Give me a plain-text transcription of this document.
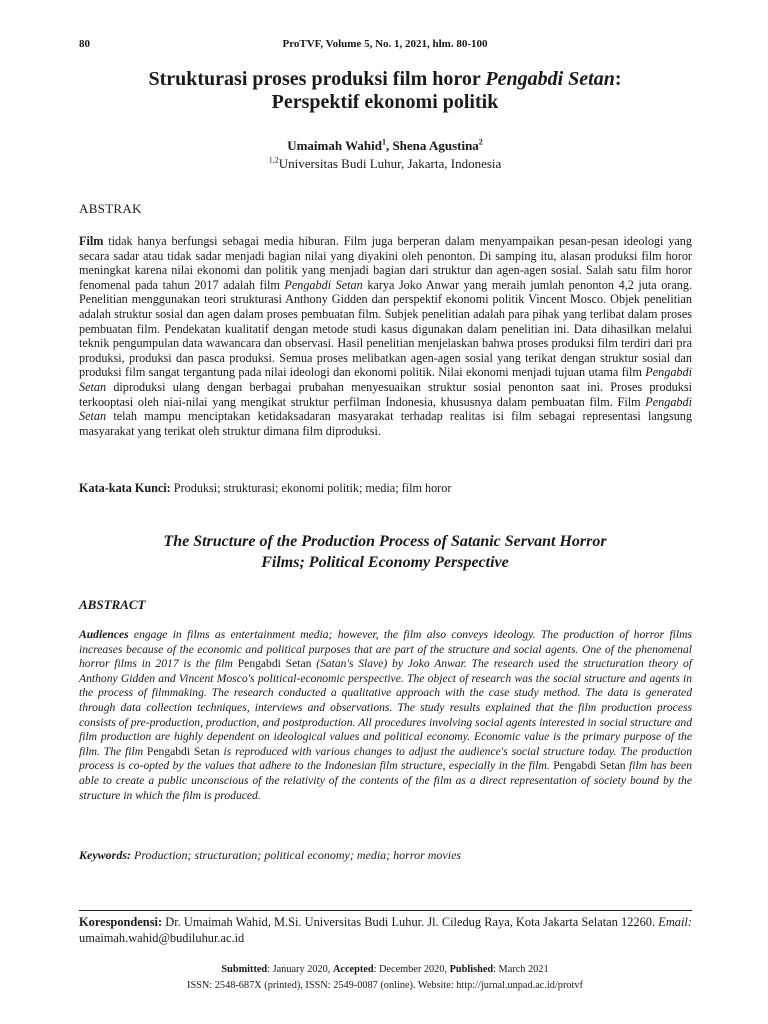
80	ProTVF, Volume 5, No. 1, 2021, hlm. 80-100
Strukturasi proses produksi film horor Pengabdi Setan:
Perspektif ekonomi politik
Umaimah Wahid$^1$, Shena Agustina$^2$
$^{1,2}$Universitas Budi Luhur, Jakarta, Indonesia
ABSTRAK

Film tidak hanya berfungsi sebagai media hiburan. Film juga berperan dalam menyampaikan pesan-pesan ideologi yang secara sadar atau tidak sadar menjadi bagian nilai yang diyakini oleh penonton. Di samping itu, alasan produksi film horor meningkat karena nilai ekonomi dan politik yang menjadi bagian dari struktur dan agen-agen sosial. Salah satu film horor fenomenal pada tahun 2017 adalah film Pengabdi Setan karya Joko Anwar yang meraih jumlah penonton 4,2 juta orang. Penelitian menggunakan teori strukturasi Anthony Gidden dan perspektif ekonomi politik Vincent Mosco. Objek penelitian adalah struktur sosial dan agen dalam proses pembuatan film. Subjek penelitian adalah para pihak yang terlibat dalam proses pembuatan film. Pendekatan kualitatif dengan metode studi kasus digunakan dalam penelitian ini. Data dihasilkan melalui teknik pengumpulan data wawancara dan observasi. Hasil penelitian menjelaskan bahwa proses produksi film terdiri dari pra produksi, produksi dan pasca produksi. Semua proses melibatkan agen-agen sosial yang terikat dengan struktur sosial dan produksi film sangat tergantung pada nilai ideologi dan ekonomi politik. Nilai ekonomi menjadi tujuan utama film Pengabdi Setan diproduksi ulang dengan berbagai prubahan menyesuaikan struktur sosial penonton saat ini. Proses produksi terkooptasi oleh niai-nilai yang mengikat struktur perfilman Indonesia, khususnya dalam pembuatan film. Film Pengabdi Setan telah mampu menciptakan ketidaksadaran masyarakat terhadap realitas isi film sebagai representasi langsung masyarakat yang terikat oleh struktur dimana film diproduksi.

Kata-kata Kunci: Produksi; strukturasi; ekonomi politik; media; film horor
The Structure of the Production Process of Satanic Servant Horror
Films; Political Economy Perspective
ABSTRACT

Audiences engage in films as entertainment media; however, the film also conveys ideology. The production of horror films increases because of the economic and political purposes that are part of the structure and social agents. One of the phenomenal horror films in 2017 is the film Pengabdi Setan (Satan's Slave) by Joko Anwar. The research used the structuration theory of Anthony Gidden and Vincent Mosco's political-economic perspective. The object of research was the social structure and agents in the process of filmmaking. The research conducted a qualitative approach with the case study method. The data is generated through data collection techniques, interviews and observations. The study results explained that the film production process consists of pre-production, production, and postproduction. All procedures involving social agents interested in social structure and film production are highly dependent on ideological values and political economy. Economic value is the primary purpose of the film. The film Pengabdi Setan is reproduced with various changes to adjust the audience's social structure today. The production process is co-opted by the values that adhere to the Indonesian film structure, especially in the film. Pengabdi Setan film has been able to create a public unconscious of the relativity of the contents of the film as a direct representation of society bound by the structure in which the film is produced.

Keywords: Production; structuration; political economy; media; horror movies
Korespondensi: Dr. Umaimah Wahid, M.Si. Universitas Budi Luhur. Jl. Ciledug Raya, Kota Jakarta Selatan 12260. Email: umaimah.wahid@budiluhur.ac.id
Submitted: January 2020, Accepted: December 2020, Published: March 2021
ISSN: 2548-687X (printed), ISSN: 2549-0087 (online). Website: http://jurnal.unpad.ac.id/protvf
